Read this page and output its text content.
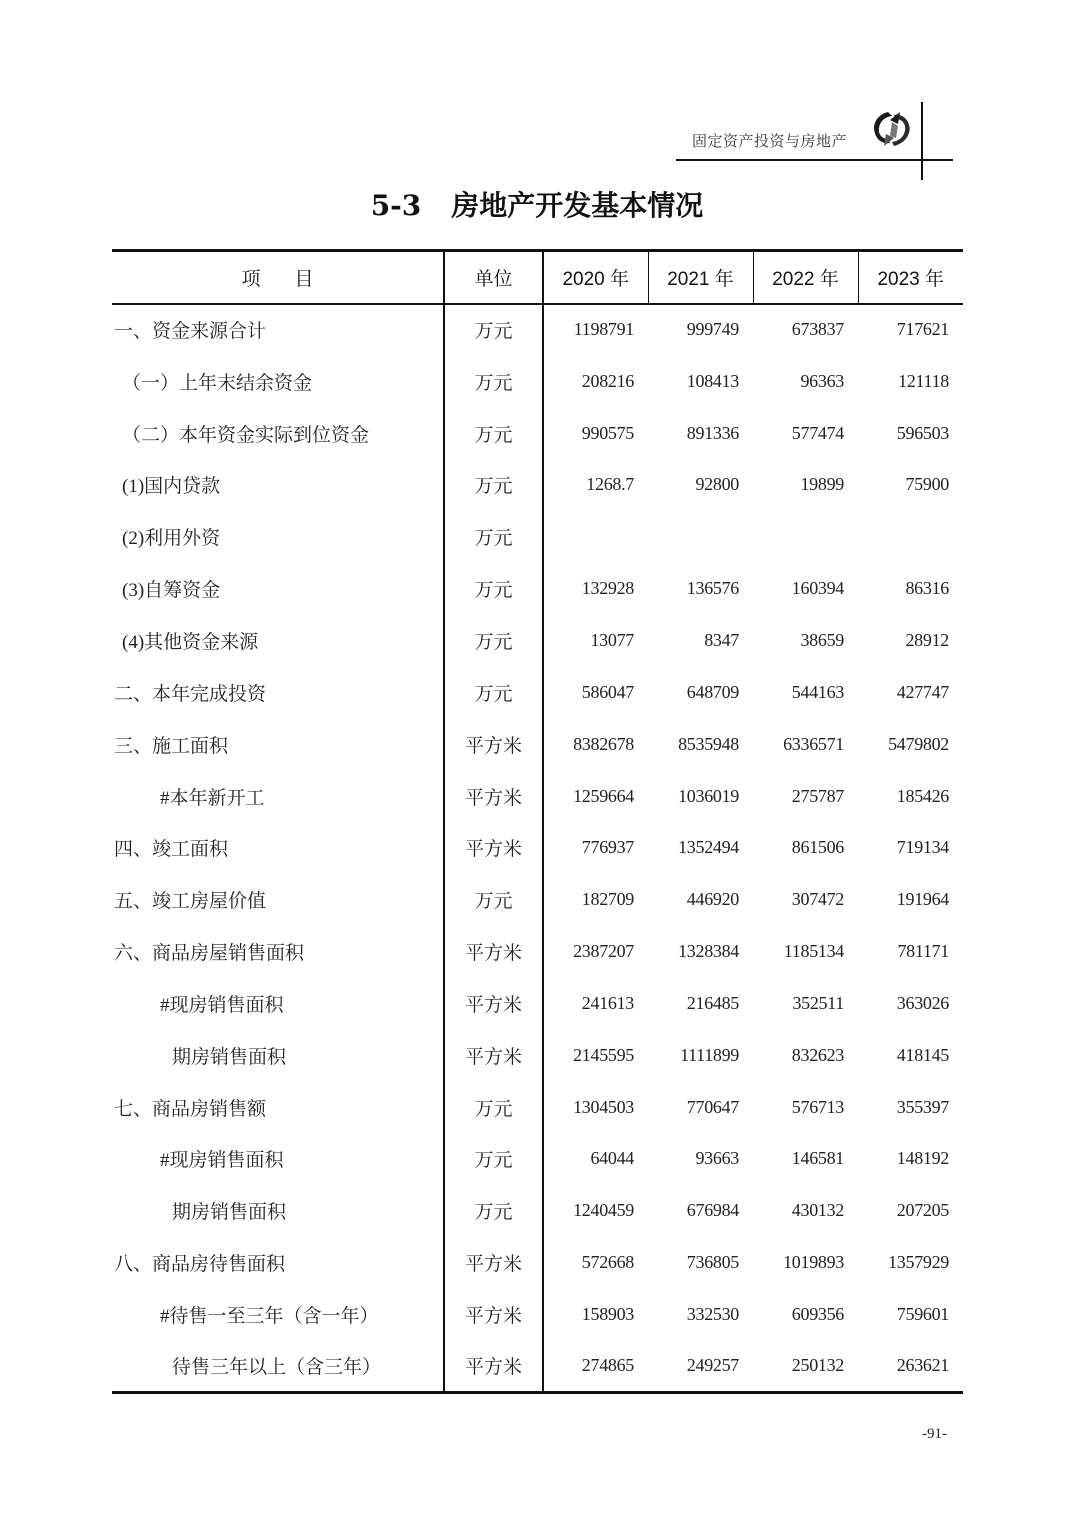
固定资产投资与房地产
5-3 房地产开发基本情况
项 目	单位	2020 年	2021 年	2022 年	2023 年
一、资金来源合计	万元	1198791	999749	673837	717621
（一）上年末结余资金	万元	208216	108413	96363	121118
（二）本年资金实际到位资金	万元	990575	891336	577474	596503
(1)国内贷款	万元	1268.7	92800	19899	75900
(2)利用外资	万元				
(3)自筹资金	万元	132928	136576	160394	86316
(4)其他资金来源	万元	13077	8347	38659	28912
二、本年完成投资	万元	586047	648709	544163	427747
三、施工面积	平方米	8382678	8535948	6336571	5479802
#本年新开工	平方米	1259664	1036019	275787	185426
四、竣工面积	平方米	776937	1352494	861506	719134
五、竣工房屋价值	万元	182709	446920	307472	191964
六、商品房屋销售面积	平方米	2387207	1328384	1185134	781171
#现房销售面积	平方米	241613	216485	352511	363026
期房销售面积	平方米	2145595	1111899	832623	418145
七、商品房销售额	万元	1304503	770647	576713	355397
#现房销售面积	万元	64044	93663	146581	148192
期房销售面积	万元	1240459	676984	430132	207205
八、商品房待售面积	平方米	572668	736805	1019893	1357929
#待售一至三年（含一年）	平方米	158903	332530	609356	759601
待售三年以上（含三年）	平方米	274865	249257	250132	263621
-91-
